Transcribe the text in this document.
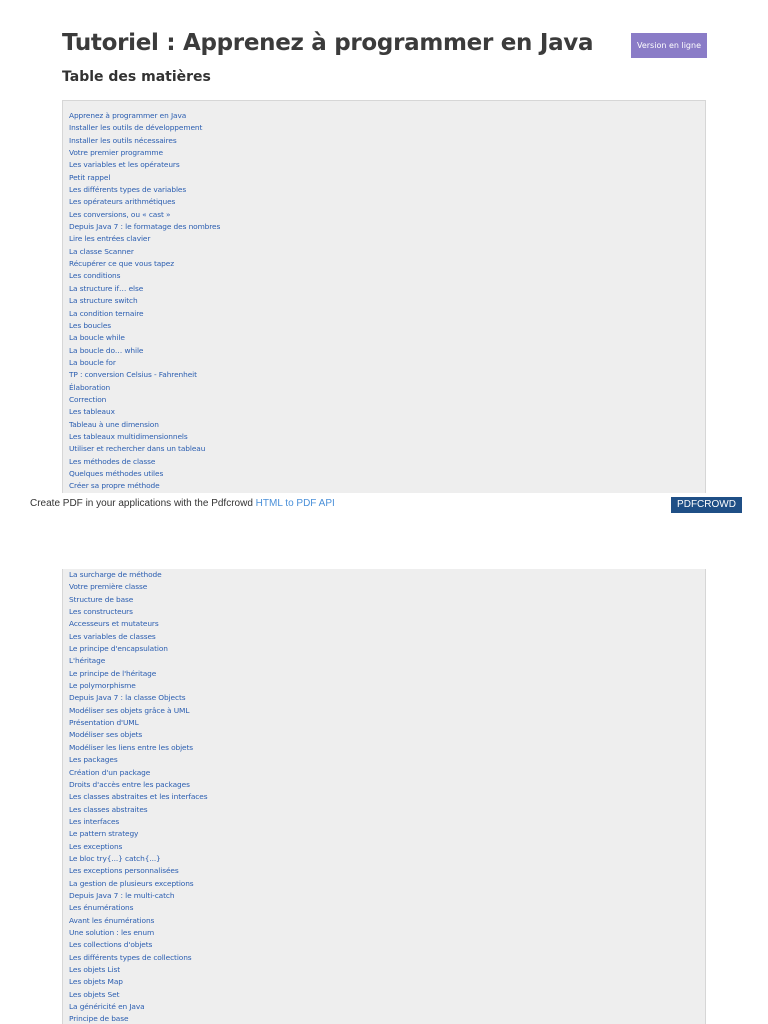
Tutoriel : Apprenez à programmer en Java	Version en ligne
Table des matières
Apprenez à programmer en Java
Installer les outils de développement
Installer les outils nécessaires
Votre premier programme
Les variables et les opérateurs
Petit rappel
Les différents types de variables
Les opérateurs arithmétiques
Les conversions, ou « cast »
Depuis Java 7 : le formatage des nombres
Lire les entrées clavier
La classe Scanner
Récupérer ce que vous tapez
Les conditions
La structure if… else
La structure switch
La condition ternaire
Les boucles
La boucle while
La boucle do… while
La boucle for
TP : conversion Celsius - Fahrenheit
Élaboration
Correction
Les tableaux
Tableau à une dimension
Les tableaux multidimensionnels
Utiliser et rechercher dans un tableau
Les méthodes de classe
Quelques méthodes utiles
Créer sa propre méthode
Create PDF in your applications with the Pdfcrowd HTML to PDF API	PDFCROWD
La surcharge de méthode
Votre première classe
Structure de base
Les constructeurs
Accesseurs et mutateurs
Les variables de classes
Le principe d'encapsulation
L'héritage
Le principe de l'héritage
Le polymorphisme
Depuis Java 7 : la classe Objects
Modéliser ses objets grâce à UML
Présentation d'UML
Modéliser ses objets
Modéliser les liens entre les objets
Les packages
Création d'un package
Droits d'accès entre les packages
Les classes abstraites et les interfaces
Les classes abstraites
Les interfaces
Le pattern strategy
Les exceptions
Le bloc try{...} catch{...}
Les exceptions personnalisées
La gestion de plusieurs exceptions
Depuis Java 7 : le multi-catch
Les énumérations
Avant les énumérations
Une solution : les enum
Les collections d'objets
Les différents types de collections
Les objets List
Les objets Map
Les objets Set
La généricité en Java
Principe de base
